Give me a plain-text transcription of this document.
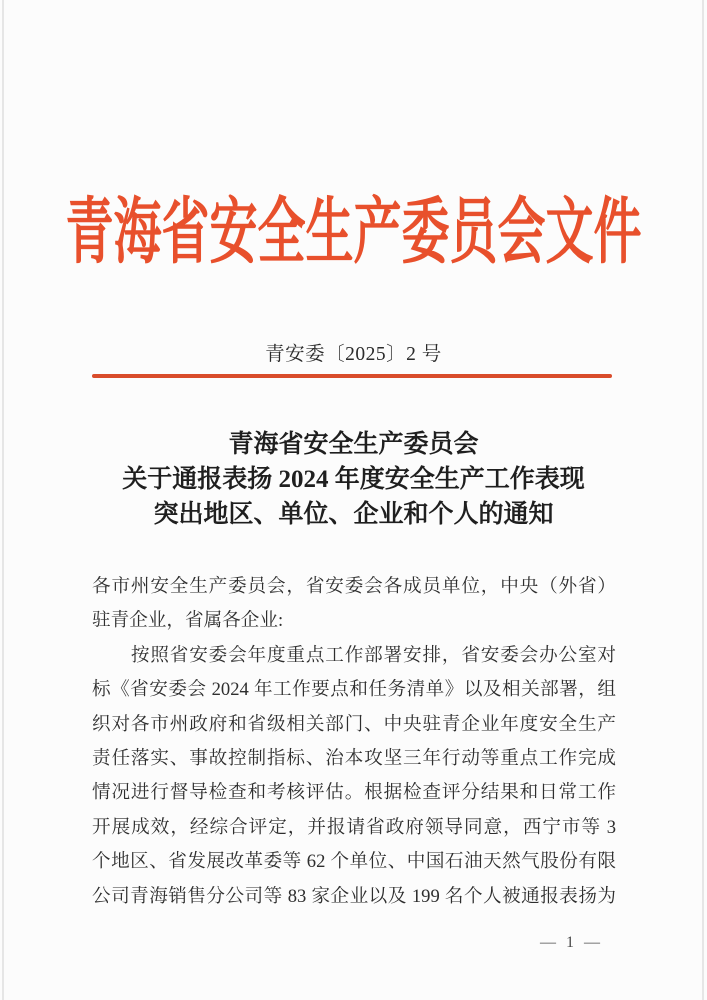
青海省安全生产委员会文件
青安委〔2025〕2 号
青海省安全生产委员会
关于通报表扬 2024 年度安全生产工作表现
突出地区、单位、企业和个人的通知
各市州安全生产委员会，省安委会各成员单位，中央（外省）
驻青企业，省属各企业:
　　按照省安委会年度重点工作部署安排，省安委会办公室对
标《省安委会 2024 年工作要点和任务清单》以及相关部署，组
织对各市州政府和省级相关部门、中央驻青企业年度安全生产
责任落实、事故控制指标、治本攻坚三年行动等重点工作完成
情况进行督导检查和考核评估。根据检查评分结果和日常工作
开展成效，经综合评定，并报请省政府领导同意，西宁市等 3
个地区、省发展改革委等 62 个单位、中国石油天然气股份有限
公司青海销售分公司等 83 家企业以及 199 名个人被通报表扬为
— 1 —
